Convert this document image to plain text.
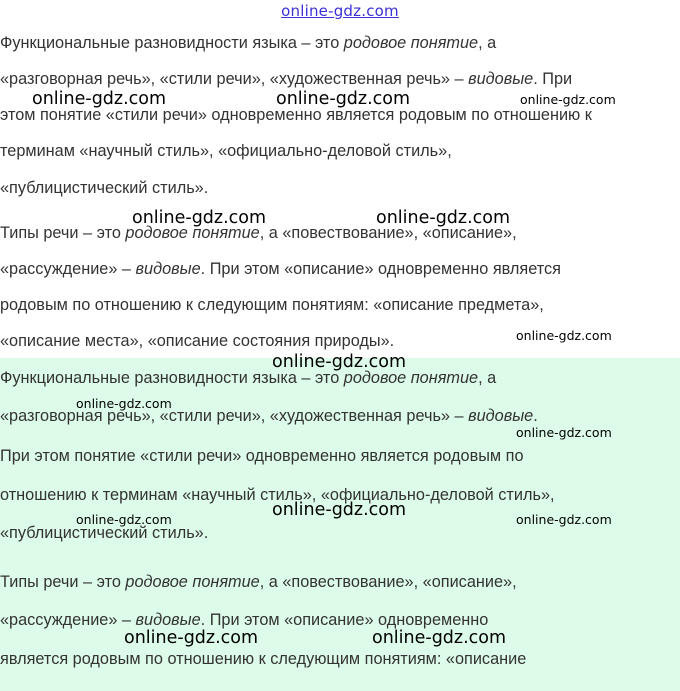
online-gdz.com
Функциональные разновидности языка – это родовое понятие, а
«разговорная речь», «стили речи», «художественная речь» – видовые. При
этом понятие «стили речи» одновременно является родовым по отношению к
терминам «научный стиль», «официально-деловой стиль»,
«публицистический стиль».
Типы речи – это родовое понятие, а «повествование», «описание»,
«рассуждение» – видовые. При этом «описание» одновременно является
родовым по отношению к следующим понятиям: «описание предмета»,
«описание места», «описание состояния природы».
Функциональные разновидности языка – это родовое понятие, а
«разговорная речь», «стили речи», «художественная речь» – видовые.
При этом понятие «стили речи» одновременно является родовым по
отношению к терминам «научный стиль», «официально-деловой стиль»,
«публицистический стиль».
Типы речи – это родовое понятие, а «повествование», «описание»,
«рассуждение» – видовые. При этом «описание» одновременно
является родовым по отношению к следующим понятиям: «описание
online-gdz.com	online-gdz.com	online-gdz.com
online-gdz.com	online-gdz.com
online-gdz.com
online-gdz.com
online-gdz.com
online-gdz.com
online-gdz.com
online-gdz.com	online-gdz.com
online-gdz.com	online-gdz.com
